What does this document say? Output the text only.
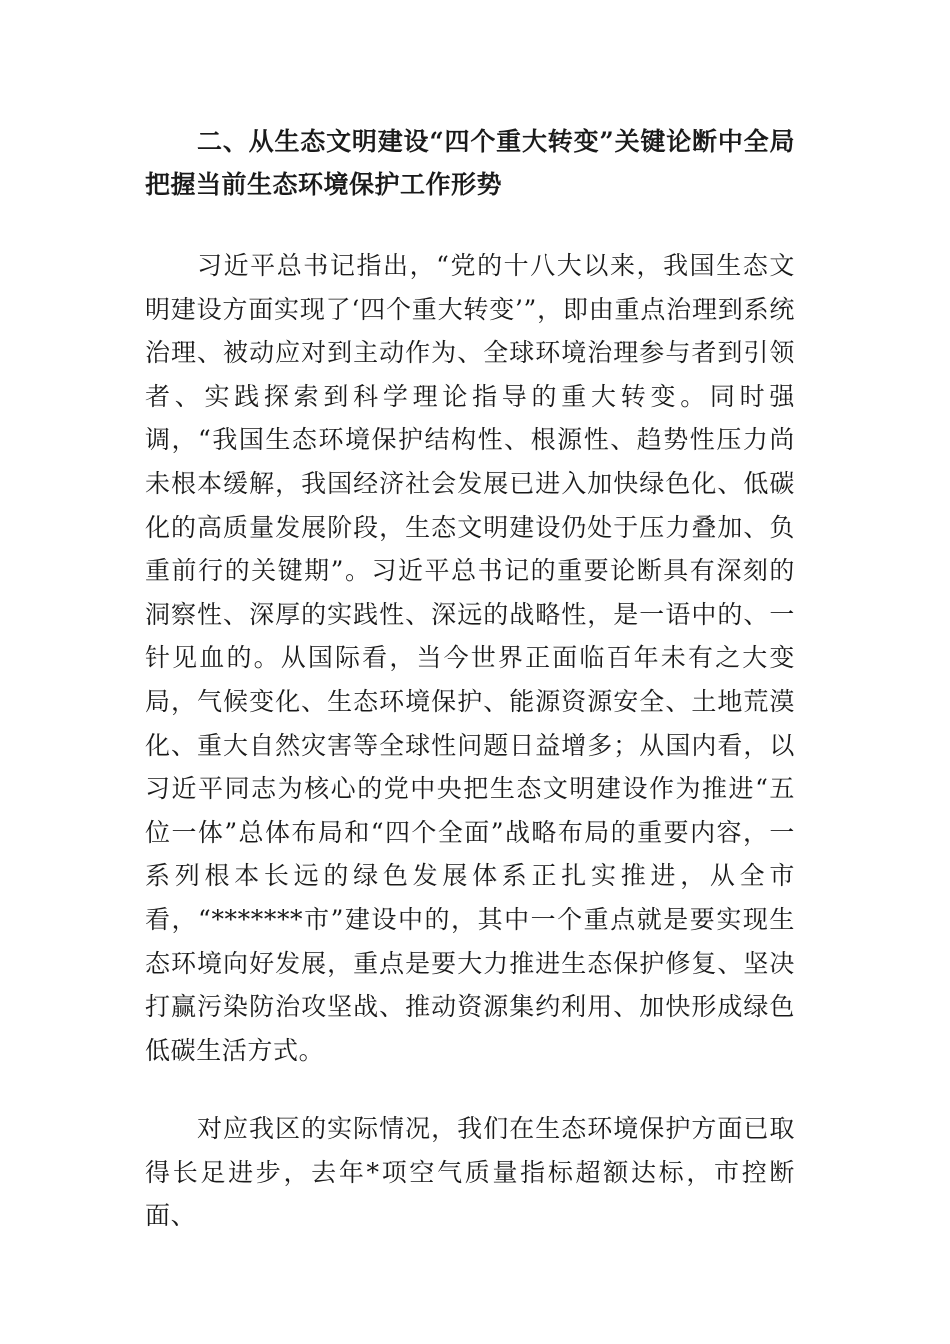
二、从生态文明建设“四个重大转变”关键论断中全局把握当前生态环境保护工作形势

习近平总书记指出，“党的十八大以来，我国生态文明建设方面实现了‘四个重大转变’”，即由重点治理到系统治理、被动应对到主动作为、全球环境治理参与者到引领者、实践探索到科学理论指导的重大转变。同时强调，“我国生态环境保护结构性、根源性、趋势性压力尚未根本缓解，我国经济社会发展已进入加快绿色化、低碳化的高质量发展阶段，生态文明建设仍处于压力叠加、负重前行的关键期”。习近平总书记的重要论断具有深刻的洞察性、深厚的实践性、深远的战略性，是一语中的、一针见血的。从国际看，当今世界正面临百年未有之大变局，气候变化、生态环境保护、能源资源安全、土地荒漠化、重大自然灾害等全球性问题日益增多；从国内看，以习近平同志为核心的党中央把生态文明建设作为推进“五位一体”总体布局和“四个全面”战略布局的重要内容，一系列根本长远的绿色发展体系正扎实推进，从全市看，“*******市”建设中的，其中一个重点就是要实现生态环境向好发展，重点是要大力推进生态保护修复、坚决打赢污染防治攻坚战、推动资源集约利用、加快形成绿色低碳生活方式。

对应我区的实际情况，我们在生态环境保护方面已取得长足进步，去年*项空气质量指标超额达标，市控断面、
